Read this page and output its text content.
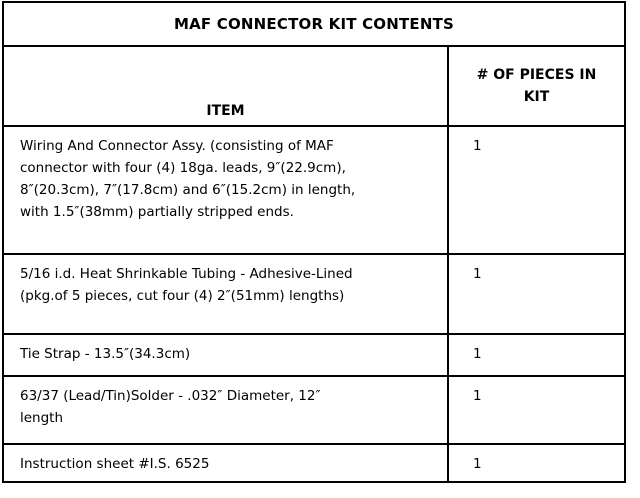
MAF CONNECTOR KIT CONTENTS	
ITEM	# OF PIECES IN
KIT

Wiring And Connector Assy. (consisting of MAF
connector with four (4) 18ga. leads, 9″(22.9cm),
8″(20.3cm), 7″(17.8cm) and 6″(15.2cm) in length,
with 1.5″(38mm) partially stripped ends.	1

5/16 i.d. Heat Shrinkable Tubing - Adhesive-Lined
(pkg.of 5 pieces, cut four (4) 2″(51mm) lengths)	1

Tie Strap - 13.5″(34.3cm)	1

63/37 (Lead/Tin)Solder - .032″ Diameter, 12″
length	1

Instruction sheet #I.S. 6525	1
